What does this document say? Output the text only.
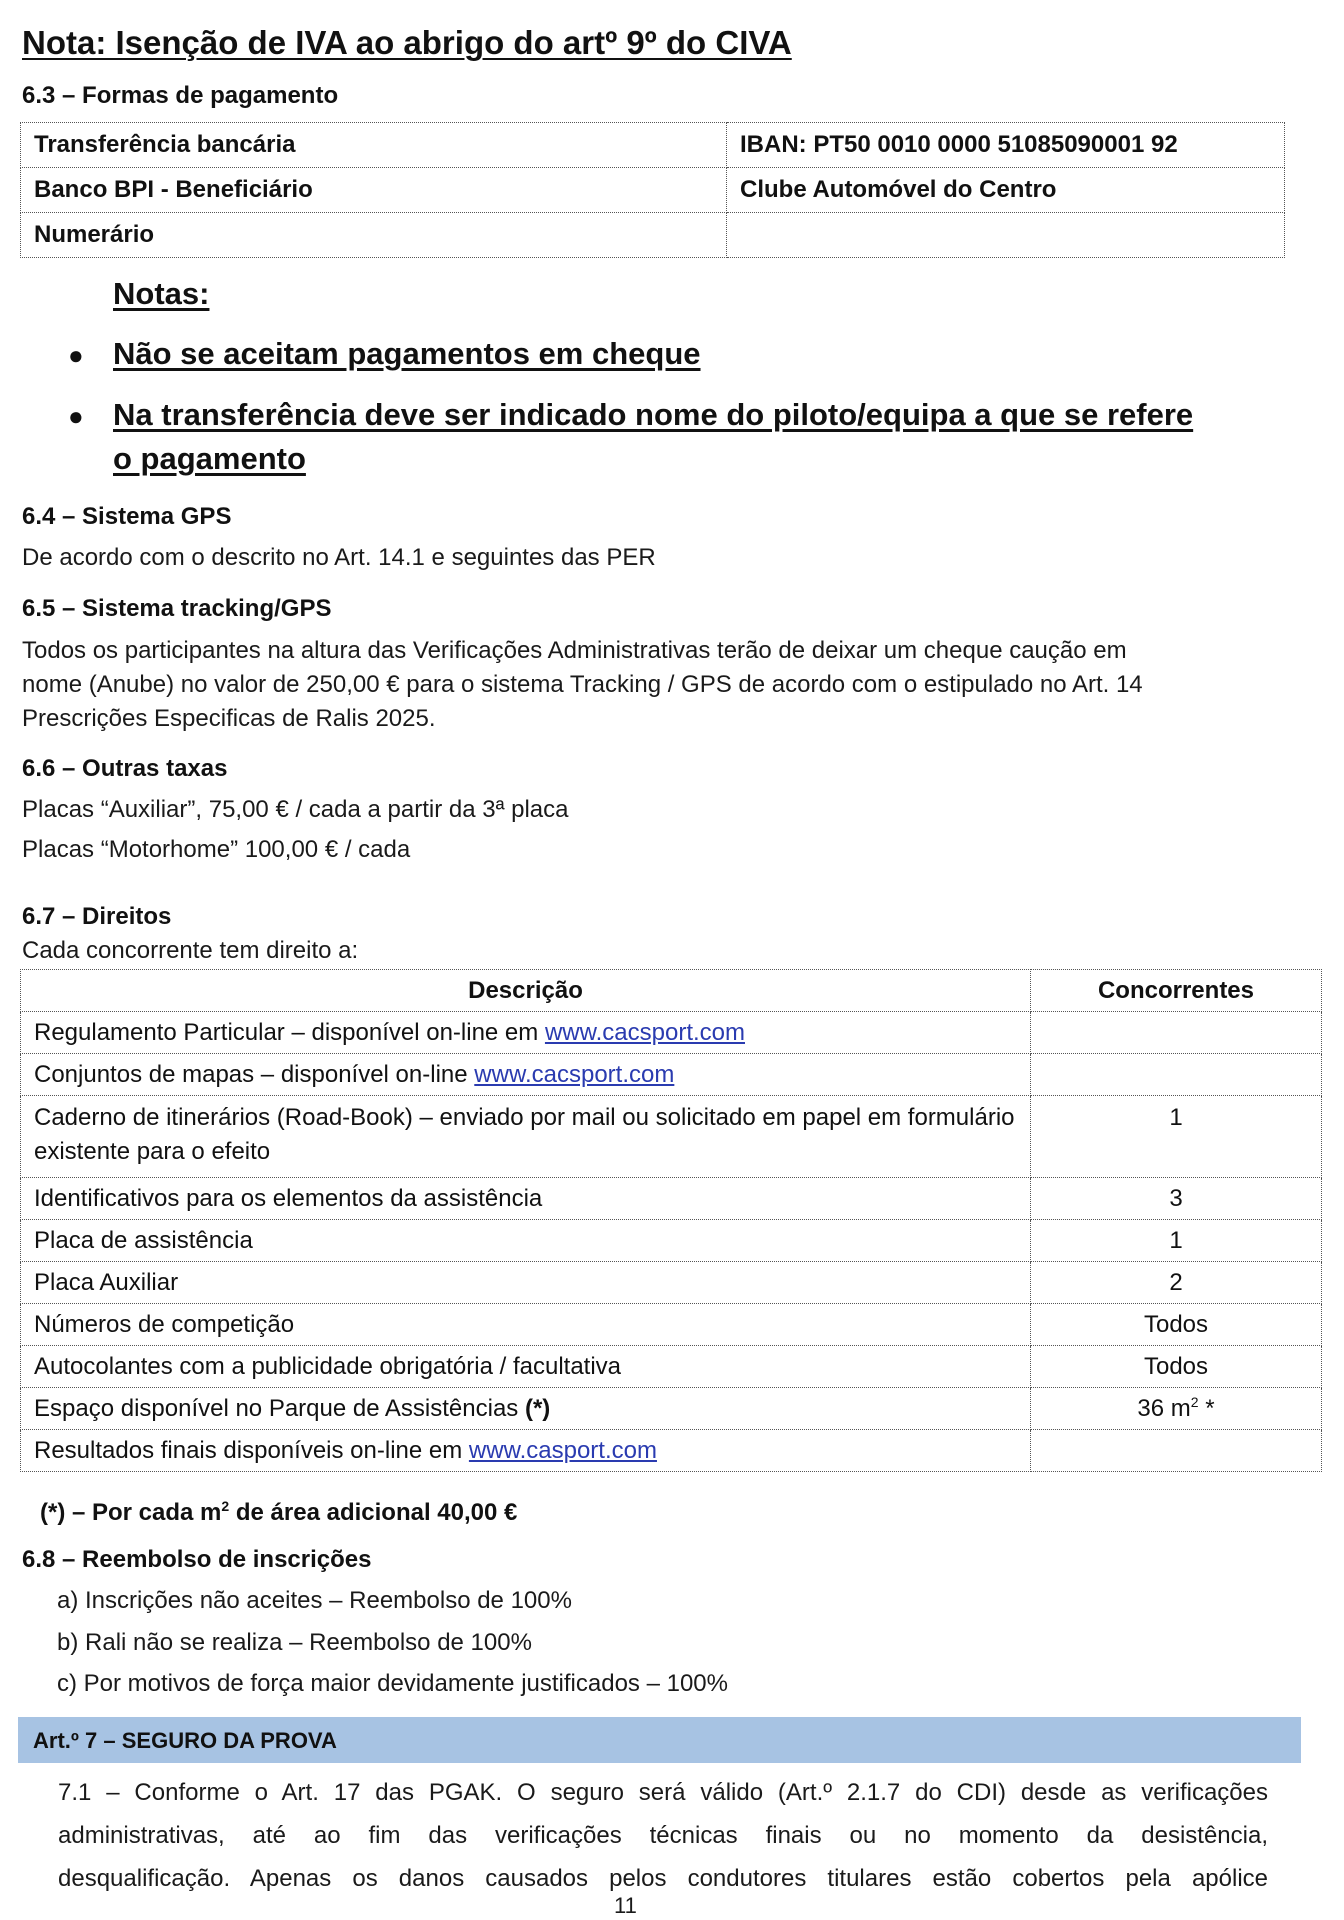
Nota: Isenção de IVA ao abrigo do artº 9º do CIVA
6.3 – Formas de pagamento
Transferência bancária	IBAN: PT50 0010 0000 51085090001 92
Banco BPI - Beneficiário	Clube Automóvel do Centro
Numerário	
Notas:
● Não se aceitam pagamentos em cheque
● Na transferência deve ser indicado nome do piloto/equipa a que se refere
o pagamento
6.4 – Sistema GPS
De acordo com o descrito no Art. 14.1 e seguintes das PER
6.5 – Sistema tracking/GPS
Todos os participantes na altura das Verificações Administrativas terão de deixar um cheque caução em
nome (Anube) no valor de 250,00 € para o sistema Tracking / GPS de acordo com o estipulado no Art. 14
Prescrições Especificas de Ralis 2025.
6.6 – Outras taxas
Placas “Auxiliar”, 75,00 € / cada a partir da 3ª placa
Placas “Motorhome” 100,00 € / cada
6.7 – Direitos
Cada concorrente tem direito a:
Descrição	Concorrentes
Regulamento Particular – disponível on-line em www.cacsport.com	
Conjuntos de mapas – disponível on-line www.cacsport.com	
Caderno de itinerários (Road-Book) – enviado por mail ou solicitado em papel em formulário existente para o efeito	1
Identificativos para os elementos da assistência	3
Placa de assistência	1
Placa Auxiliar	2
Números de competição	Todos
Autocolantes com a publicidade obrigatória / facultativa	Todos
Espaço disponível no Parque de Assistências (*)	36 $m^2$ *
Resultados finais disponíveis on-line em www.casport.com	
(*) – Por cada $m^2$ de área adicional 40,00 €
6.8 – Reembolso de inscrições
a) Inscrições não aceites – Reembolso de 100%
b) Rali não se realiza – Reembolso de 100%
c) Por motivos de força maior devidamente justificados – 100%
Art.º 7 – SEGURO DA PROVA
7.1 – Conforme o Art. 17 das PGAK. O seguro será válido (Art.º 2.1.7 do CDI) desde as verificações
administrativas, até ao fim das verificações técnicas finais ou no momento da desistência,
desqualificação. Apenas os danos causados pelos condutores titulares estão cobertos pela apólice
11
